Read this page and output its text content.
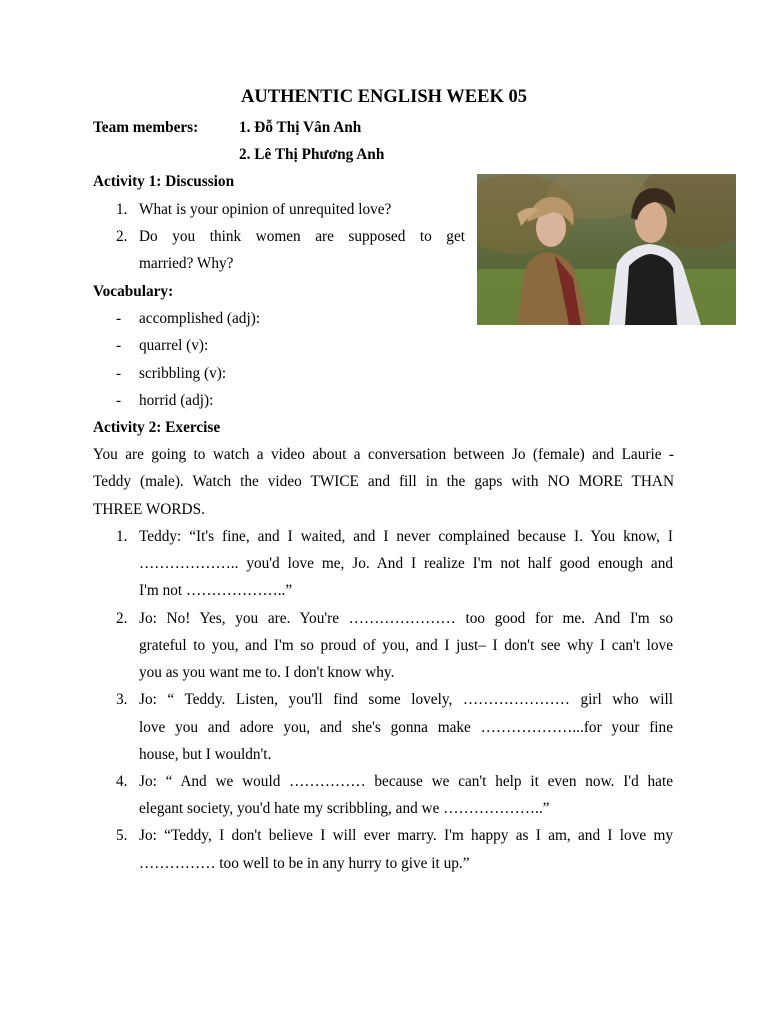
AUTHENTIC ENGLISH WEEK 05
Team members:	1. Đỗ Thị Vân Anh
2. Lê Thị Phương Anh
Activity 1: Discussion
1. What is your opinion of unrequited love?
2. Do you think women are supposed to get
married? Why?
Vocabulary:
- accomplished (adj):
- quarrel (v):
- scribbling (v):
- horrid (adj):
Activity 2: Exercise
You are going to watch a video about a conversation between Jo (female) and Laurie -
Teddy (male). Watch the video TWICE and fill in the gaps with NO MORE THAN
THREE WORDS.
1. Teddy: “It's fine, and I waited, and I never complained because I. You know, I
……………….. you'd love me, Jo. And I realize I'm not half good enough and
I'm not ………………..”
2. Jo: No! Yes, you are. You're ………………… too good for me. And I'm so
grateful to you, and I'm so proud of you, and I just– I don't see why I can't love
you as you want me to. I don't know why.
3. Jo: “ Teddy. Listen, you'll find some lovely, ………………… girl who will
love you and adore you, and she's gonna make ………………...for your fine
house, but I wouldn't.
4. Jo: “ And we would …………… because we can't help it even now. I'd hate
elegant society, you'd hate my scribbling, and we ………………..”
5. Jo: “Teddy, I don't believe I will ever marry. I'm happy as I am, and I love my
…………… too well to be in any hurry to give it up.”
